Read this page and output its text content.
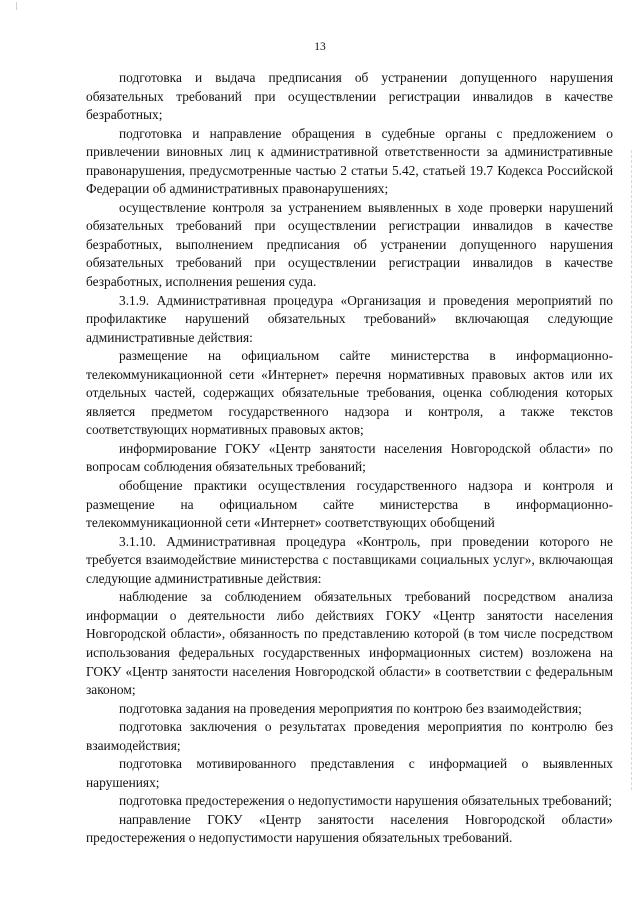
13

подготовка и выдача предписания об устранении допущенного нарушения обязательных требований при осуществлении регистрации инвалидов в качестве безработных;

подготовка и направление обращения в судебные органы с предложением о привлечении виновных лиц к административной ответственности за административные правонарушения, предусмотренные частью 2 статьи 5.42, статьей 19.7 Кодекса Российской Федерации об административных правонарушениях;

осуществление контроля за устранением выявленных в ходе проверки нарушений обязательных требований при осуществлении регистрации инвалидов в качестве безработных, выполнением предписания об устранении допущенного нарушения обязательных требований при осуществлении регистрации инвалидов в качестве безработных, исполнения решения суда.

3.1.9. Административная процедура «Организация и проведения мероприятий по профилактике нарушений обязательных требований» включающая следующие административные действия:

размещение на официальном сайте министерства в информационно-телекоммуникационной сети «Интернет» перечня нормативных правовых актов или их отдельных частей, содержащих обязательные требования, оценка соблюдения которых является предметом государственного надзора и контроля, а также текстов соответствующих нормативных правовых актов;

информирование ГОКУ «Центр занятости населения Новгородской области» по вопросам соблюдения обязательных требований;

обобщение практики осуществления государственного надзора и контроля и размещение на официальном сайте министерства в информационно-телекоммуникационной сети «Интернет» соответствующих обобщений

3.1.10. Административная процедура «Контроль, при проведении которого не требуется взаимодействие министерства с поставщиками социальных услуг», включающая следующие административные действия:

наблюдение за соблюдением обязательных требований посредством анализа информации о деятельности либо действиях ГОКУ «Центр занятости населения Новгородской области», обязанность по представлению которой (в том числе посредством использования федеральных государственных информационных систем) возложена на ГОКУ «Центр занятости населения Новгородской области» в соответствии с федеральным законом;

подготовка задания на проведения мероприятия по контрою без взаимодействия;

подготовка заключения о результатах проведения мероприятия по контролю без взаимодействия;

подготовка мотивированного представления с информацией о выявленных нарушениях;

подготовка предостережения о недопустимости нарушения обязательных требований;

направление ГОКУ «Центр занятости населения Новгородской области» предостережения о недопустимости нарушения обязательных требований.
